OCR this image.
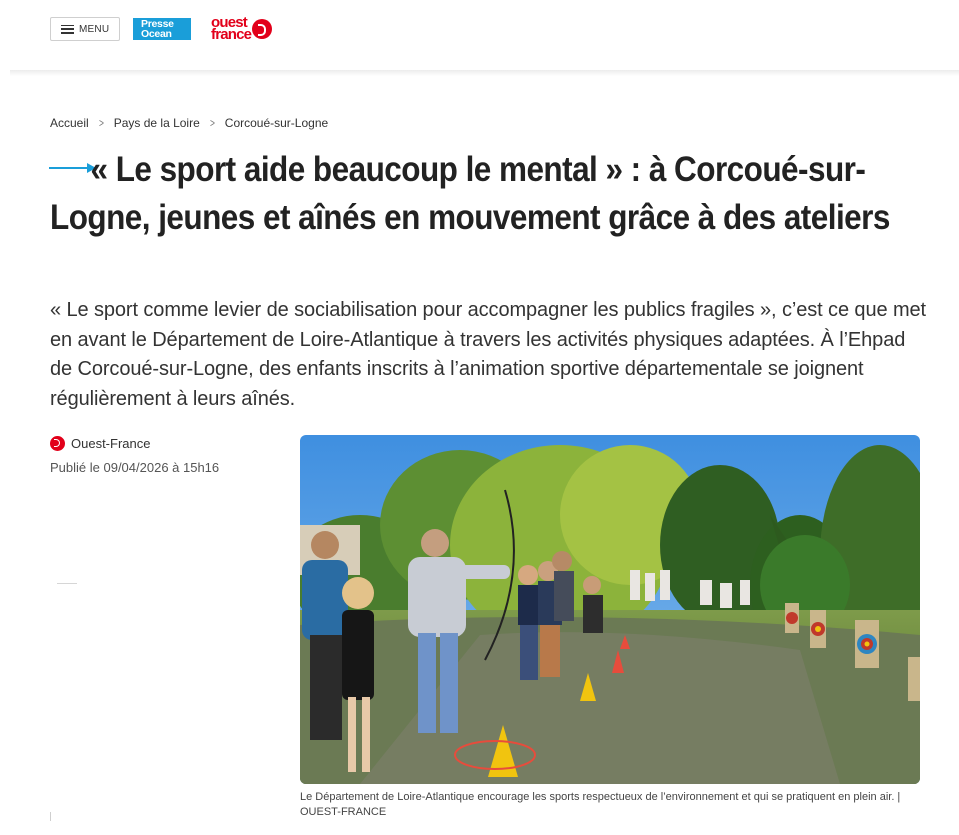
MENU	Presse
Ocean
ouest
france
Accueil > Pays de la Loire > Corcoué-sur-Logne
« Le sport aide beaucoup le mental » : à Corcoué-sur-Logne, jeunes et aînés en mouvement grâce à des ateliers

« Le sport comme levier de sociabilisation pour accompagner les publics fragiles », c’est ce que met en avant le Département de Loire-Atlantique à travers les activités physiques adaptées. À l’Ehpad de Corcoué-sur-Logne, des enfants inscrits à l’animation sportive départementale se joignent régulièrement à leurs aînés.

Ouest-France
Publié le 09/04/2026 à 15h16
Le Département de Loire-Atlantique encourage les sports respectueux de l’environnement et qui se pratiquent en plein air. | OUEST-FRANCE
